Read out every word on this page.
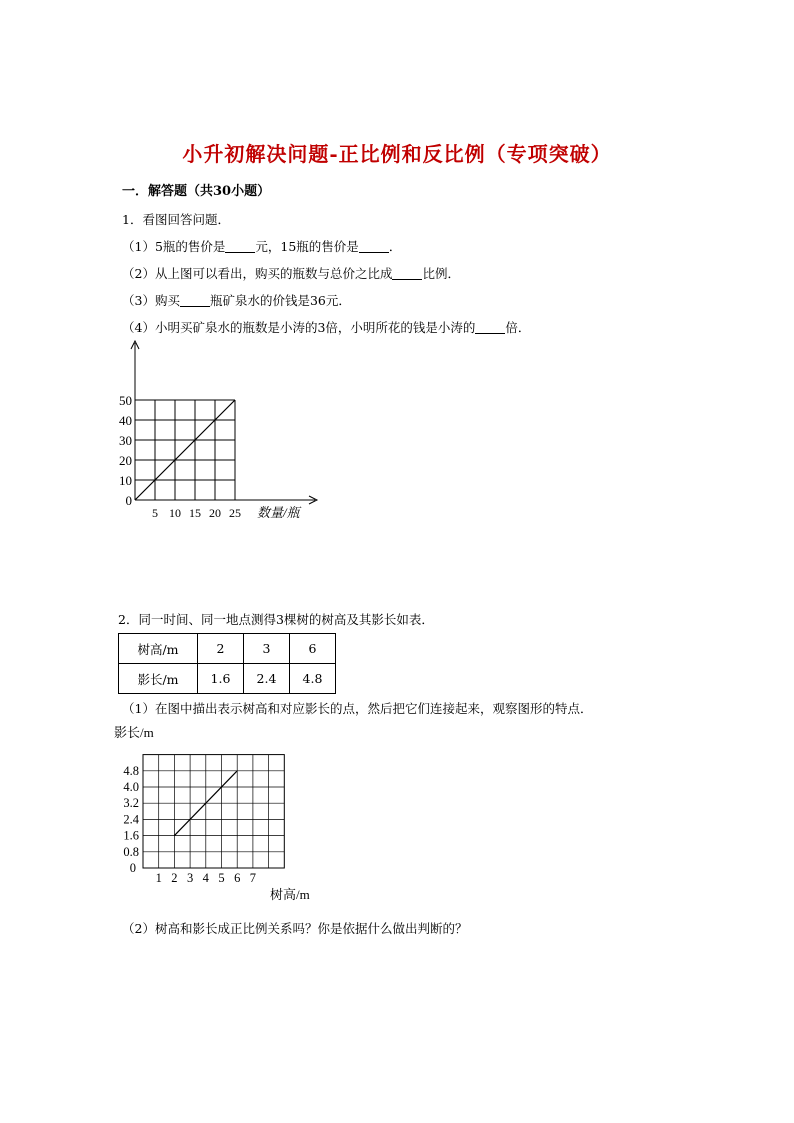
小升初解决问题-正比例和反比例（专项突破）
一．解答题（共30小题）
1．看图回答问题．
（1）5瓶的售价是 元，15瓶的售价是 ．
（2）从上图可以看出，购买的瓶数与总价之比成 比例．
（3）购买 瓶矿泉水的价钱是36元．
（4）小明买矿泉水的瓶数是小涛的3倍，小明所花的钱是小涛的 倍．
0
10
20
30
40
50
5 10 15 20 25 数量/瓶
2．同一时间、同一地点测得3棵树的树高及其影长如表．
树高/m	2	3	6
影长/m	1.6	2.4	4.8
（1）在图中描出表示树高和对应影长的点，然后把它们连接起来，观察图形的特点．
0
0.8
1.6
2.4
3.2
4.0
4.8
1 2 3 4 5 6 7
树高/m
影长/m
（2）树高和影长成正比例关系吗？你是依据什么做出判断的？
